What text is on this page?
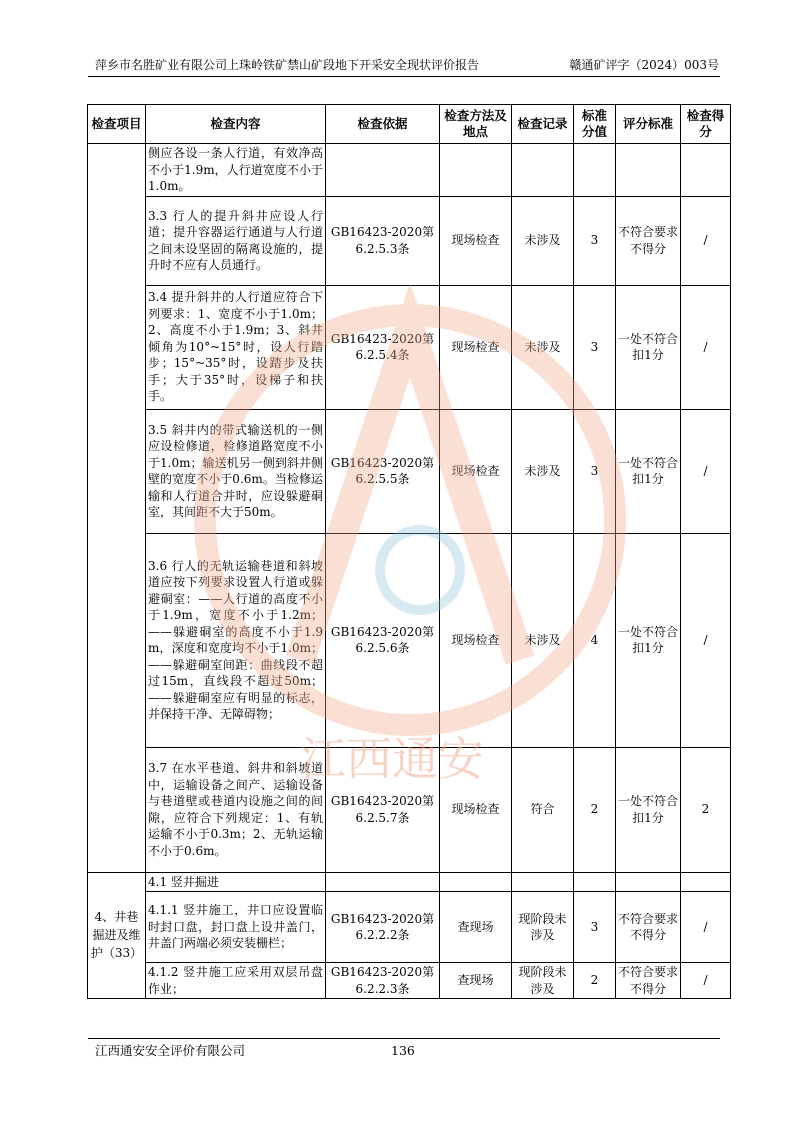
萍乡市名胜矿业有限公司上珠岭铁矿禁山矿段地下开采安全现状评价报告	赣通矿评字（2024）003号
检查项目	检查内容	检查依据	检查方法及地点	检查记录	标准分值	评分标准	检查得分
	侧应各设一条人行道，有效净高不小于1.9m，人行道宽度不小于1.0m。						
	3.3 行人的提升斜井应设人行道；提升容器运行通道与人行道之间未设坚固的隔离设施的，提升时不应有人员通行。	GB16423-2020第6.2.5.3条	现场检查	未涉及	3	不符合要求不得分	/
	3.4 提升斜井的人行道应符合下列要求：1、宽度不小于1.0m；2、高度不小于1.9m；3、斜井倾角为10°~15°时，设人行踏步；15°~35°时，设踏步及扶手；大于35°时，设梯子和扶手。	GB16423-2020第6.2.5.4条	现场检查	未涉及	3	一处不符合扣1分	/
	3.5 斜井内的带式输送机的一侧应设检修道，检修道路宽度不小于1.0m；输送机另一侧到斜井侧壁的宽度不小于0.6m。当检修运输和人行道合并时，应设躲避硐室，其间距不大于50m。	GB16423-2020第6.2.5.5条	现场检查	未涉及	3	一处不符合扣1分	/
	3.6 行人的无轨运输巷道和斜坡道应按下列要求设置人行道或躲避硐室：——人行道的高度不小于1.9m，宽度不小于1.2m；——躲避硐室的高度不小于1.9m，深度和宽度均不小于1.0m；——躲避硐室间距：曲线段不超过15m，直线段不超过50m；——躲避硐室应有明显的标志，并保持干净、无障碍物；	GB16423-2020第6.2.5.6条	现场检查	未涉及	4	一处不符合扣1分	/
	3.7 在水平巷道、斜井和斜坡道中，运输设备之间产、运输设备与巷道壁或巷道内设施之间的间隙，应符合下列规定：1、有轨运输不小于0.3m；2、无轨运输不小于0.6m。	GB16423-2020第6.2.5.7条	现场检查	符合	2	一处不符合扣1分	2
4、井巷掘进及维护（33）	4.1 竖井掘进						
	4.1.1 竖井施工，井口应设置临时封口盘，封口盘上设井盖门，井盖门两端必须安装栅栏；	GB16423-2020第6.2.2.2条	查现场	现阶段未涉及	3	不符合要求不得分	/
	4.1.2 竖井施工应采用双层吊盘作业；	GB16423-2020第6.2.2.3条	查现场	现阶段未涉及	2	不符合要求不得分	/
江西通安
江西通安安全评价有限公司	136
